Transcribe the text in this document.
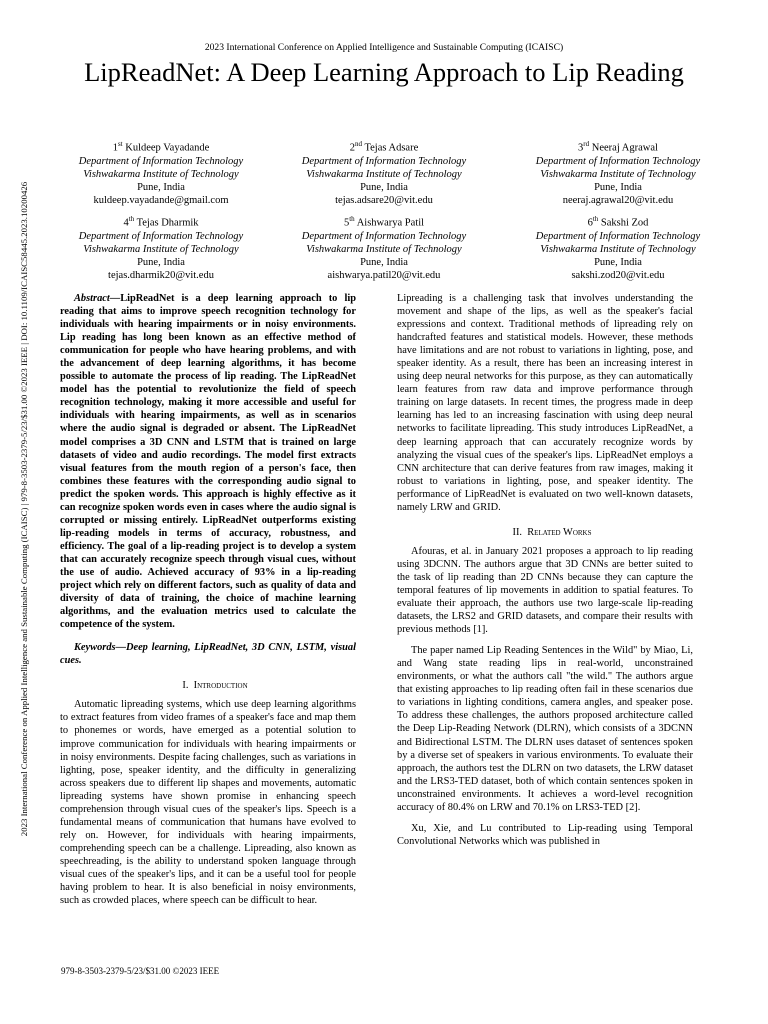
2023 International Conference on Applied Intelligence and Sustainable Computing (ICAISC)
LipReadNet: A Deep Learning Approach to Lip Reading
2023 International Conference on Applied Intelligence and Sustainable Computing (ICAISC) | 979-8-3503-2379-5/23/$31.00 ©2023 IEEE | DOI: 10.1109/ICAISC58445.2023.10200426
1st Kuldeep Vayadande
Department of Information Technology
Vishwakarma Institute of Technology
Pune, India
kuldeep.vayadande@gmail.com
2nd Tejas Adsare
Department of Information Technology
Vishwakarma Institute of Technology
Pune, India
tejas.adsare20@vit.edu
3rd Neeraj Agrawal
Department of Information Technology
Vishwakarma Institute of Technology
Pune, India
neeraj.agrawal20@vit.edu
4th Tejas Dharmik
Department of Information Technology
Vishwakarma Institute of Technology
Pune, India
tejas.dharmik20@vit.edu
5th Aishwarya Patil
Department of Information Technology
Vishwakarma Institute of Technology
Pune, India
aishwarya.patil20@vit.edu
6th Sakshi Zod
Department of Information Technology
Vishwakarma Institute of Technology
Pune, India
sakshi.zod20@vit.edu

Abstract—LipReadNet is a deep learning approach to lip reading that aims to improve speech recognition technology for individuals with hearing impairments or in noisy environments. Lip reading has long been known as an effective method of communication for people who have hearing problems, and with the advancement of deep learning algorithms, it has become possible to automate the process of lip reading. The LipReadNet model has the potential to revolutionize the field of speech recognition technology, making it more accessible and useful for individuals with hearing impairments, as well as in scenarios where the audio signal is degraded or absent. The LipReadNet model comprises a 3D CNN and LSTM that is trained on large datasets of video and audio recordings. The model first extracts visual features from the mouth region of a person's face, then combines these features with the corresponding audio signal to predict the spoken words. This approach is highly effective as it can recognize spoken words even in cases where the audio signal is corrupted or missing entirely. LipReadNet outperforms existing lip-reading models in terms of accuracy, robustness, and efficiency. The goal of a lip-reading project is to develop a system that can accurately recognize speech through visual cues, without the use of audio. Achieved accuracy of 93% in a lip-reading project which rely on different factors, such as quality of data and diversity of data of training, the choice of machine learning algorithms, and the evaluation metrics used to calculate the competence of the system.

Keywords—Deep learning, LipReadNet, 3D CNN, LSTM, visual cues.

I. Introduction

Automatic lipreading systems, which use deep learning algorithms to extract features from video frames of a speaker's face and map them to phonemes or words, have emerged as a potential solution to improve communication for individuals with hearing impairments or in noisy environments. Despite facing challenges, such as variations in lighting, pose, speaker identity, and the difficulty in generalizing across speakers due to different lip shapes and movements, automatic lipreading systems have shown promise in enhancing speech comprehension through visual cues of the speaker's lips. Speech is a fundamental means of communication that humans have evolved to rely on. However, for individuals with hearing impairments, comprehending speech can be a challenge. Lipreading, also known as speechreading, is the ability to understand spoken language through visual cues of the speaker's lips, and it can be a useful tool for people having problem to hear. It is also beneficial in noisy environments, such as crowded places, where speech can be difficult to hear.

Lipreading is a challenging task that involves understanding the movement and shape of the lips, as well as the speaker's facial expressions and context. Traditional methods of lipreading rely on handcrafted features and statistical models. However, these methods have limitations and are not robust to variations in lighting, pose, and speaker identity. As a result, there has been an increasing interest in using deep neural networks for this purpose, as they can automatically learn features from raw data and improve performance through training on large datasets. In recent times, the progress made in deep learning has led to an increasing fascination with using deep neural networks to facilitate lipreading. This study introduces LipReadNet, a deep learning approach that can accurately recognize words by analyzing the visual cues of the speaker's lips. LipReadNet employs a CNN architecture that can derive features from raw images, making it robust to variations in lighting, pose, and speaker identity. The performance of LipReadNet is evaluated on two well-known datasets, namely LRW and GRID.

II. Related Works

Afouras, et al. in January 2021 proposes a approach to lip reading using 3DCNN. The authors argue that 3D CNNs are better suited to the task of lip reading than 2D CNNs because they can capture the temporal features of lip movements in addition to spatial features. To evaluate their approach, the authors use two large-scale lip-reading datasets, the LRS2 and GRID datasets, and compare their results with previous methods [1].

The paper named Lip Reading Sentences in the Wild" by Miao, Li, and Wang state reading lips in real-world, unconstrained environments, or what the authors call "the wild." The authors argue that existing approaches to lip reading often fail in these scenarios due to variations in lighting conditions, camera angles, and speaker pose. To address these challenges, the authors proposed architecture called the Deep Lip-Reading Network (DLRN), which consists of a 3DCNN and Bidirectional LSTM. The DLRN uses dataset of sentences spoken by a diverse set of speakers in various environments. To evaluate their approach, the authors test the DLRN on two datasets, the LRW dataset and the LRS3-TED dataset, both of which contain sentences spoken in unconstrained environments. It achieves a word-level recognition accuracy of 80.4% on LRW and 70.1% on LRS3-TED [2].

Xu, Xie, and Lu contributed to Lip-reading using Temporal Convolutional Networks which was published in

979-8-3503-2379-5/23/$31.00 ©2023 IEEE
